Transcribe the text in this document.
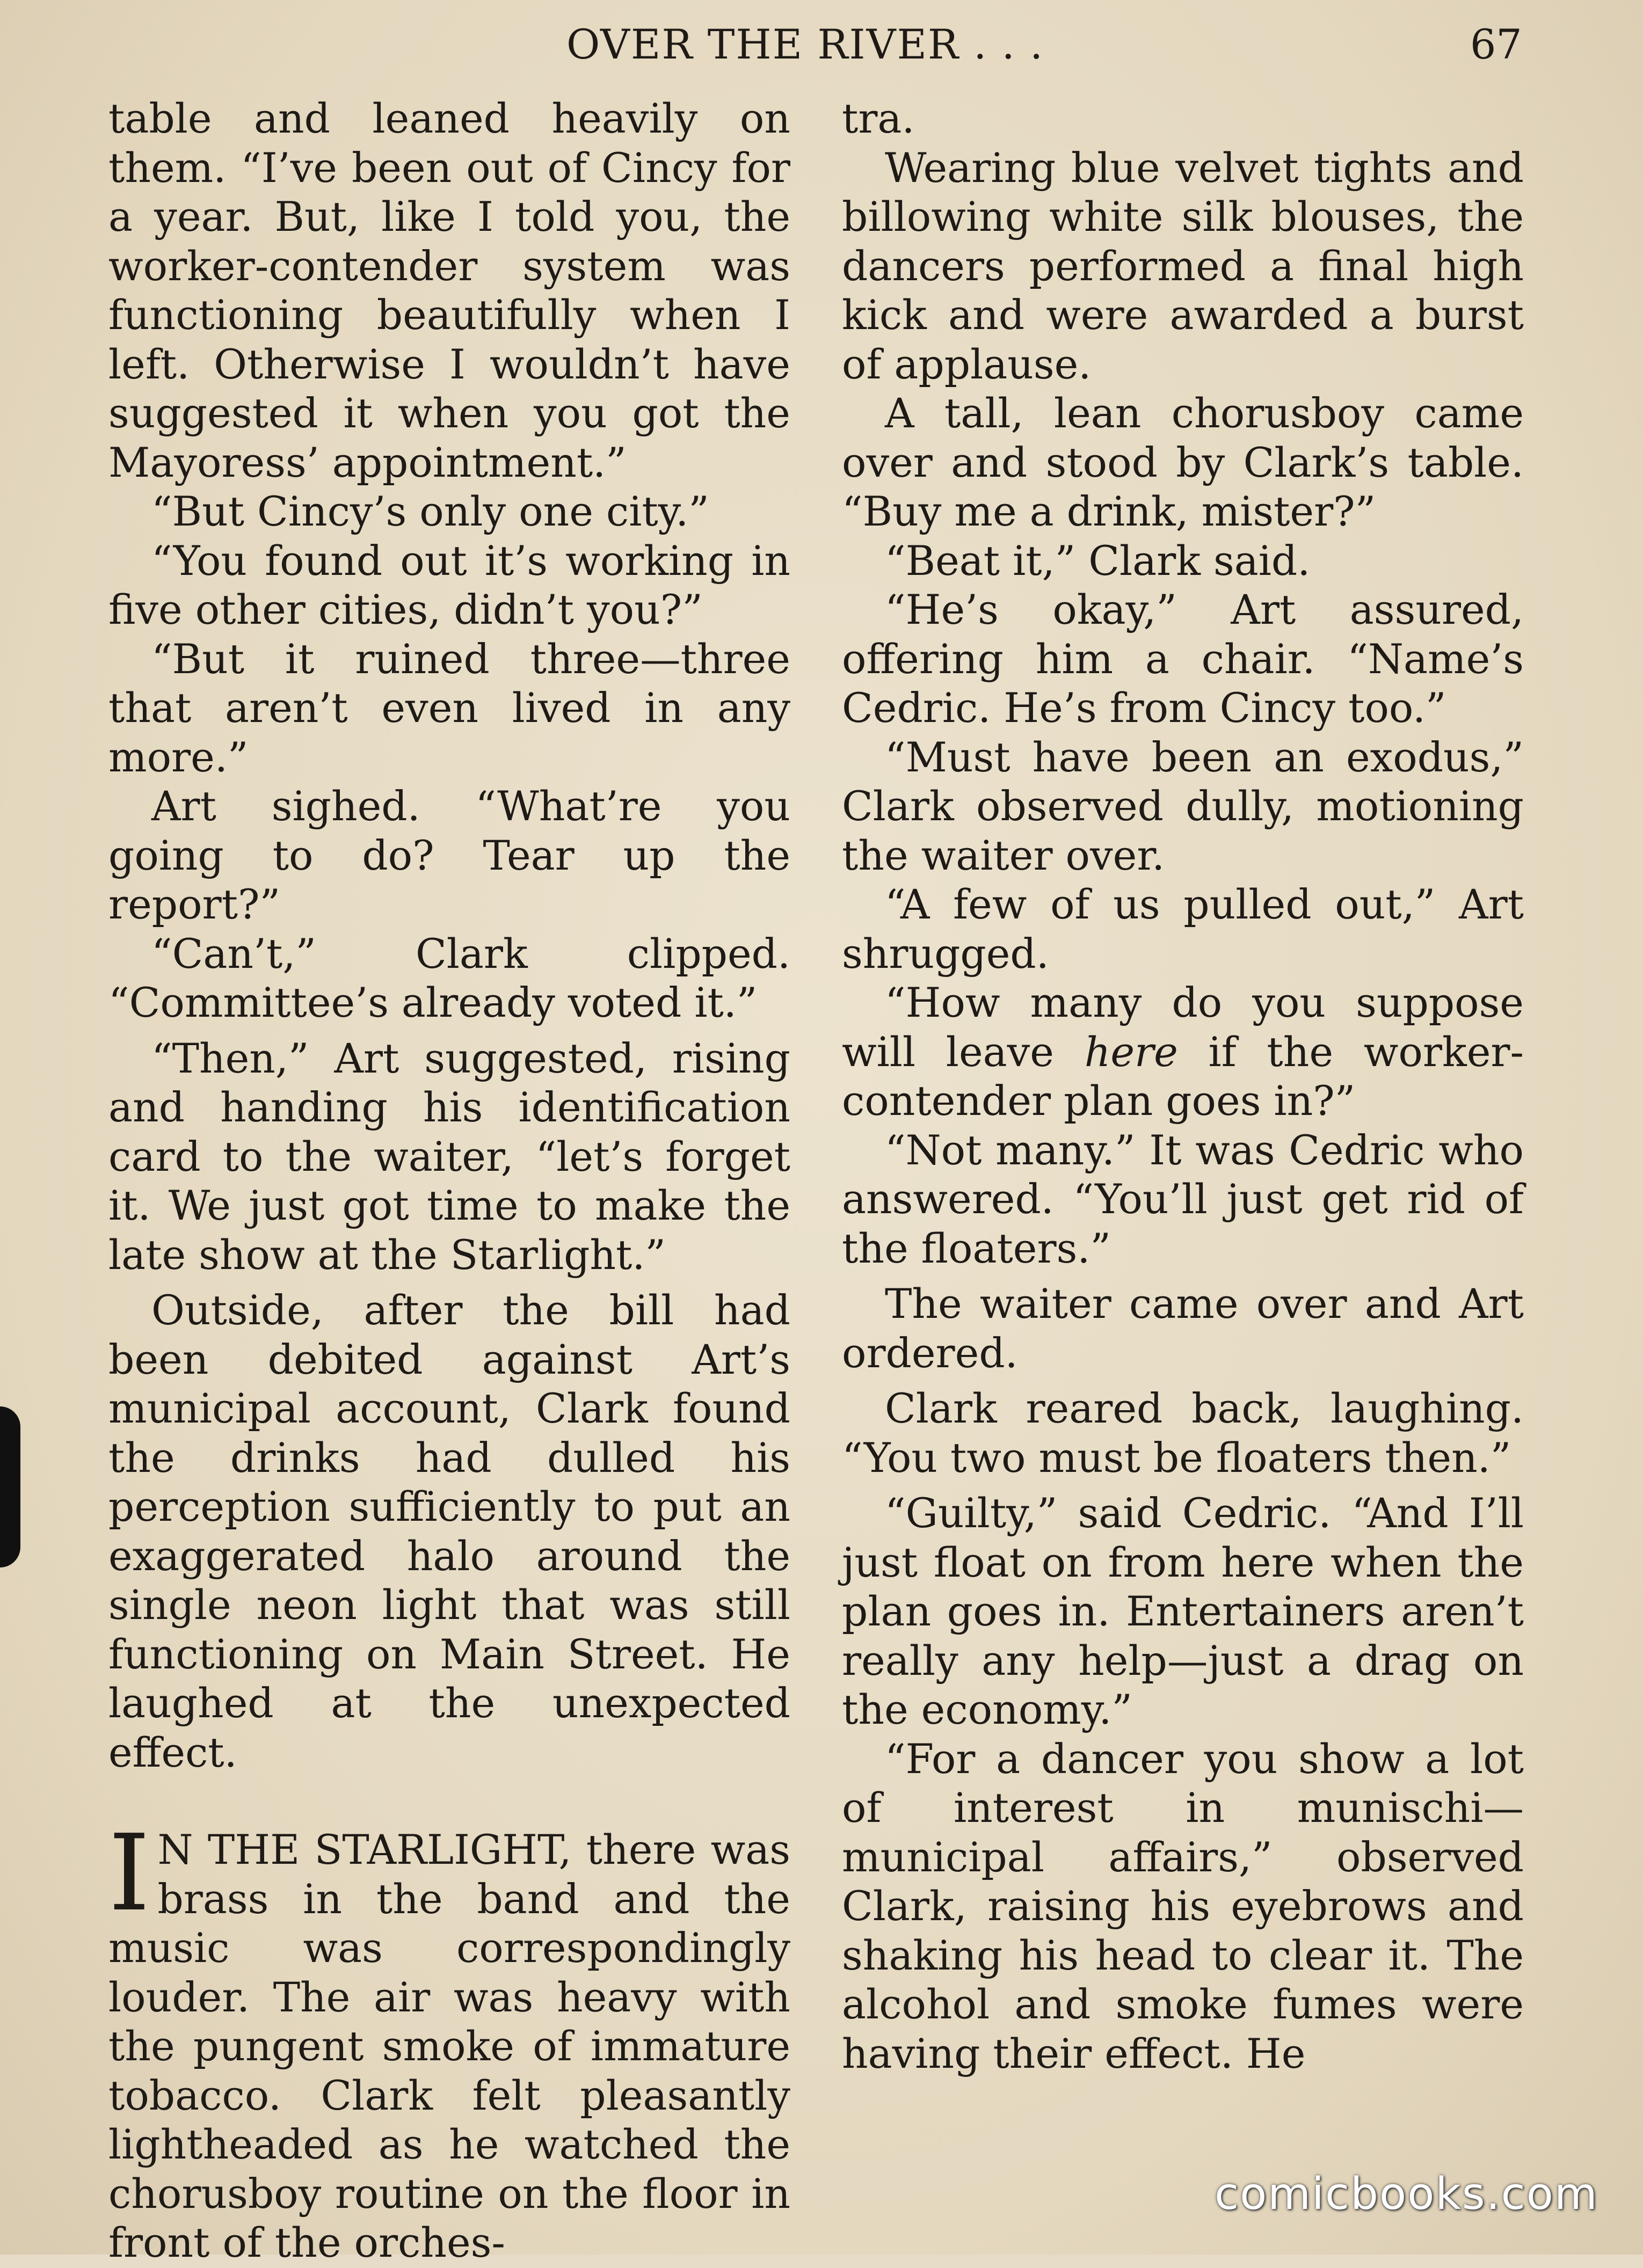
OVER THE RIVER . . .	67

table and leaned heavily on them. “I’ve been out of Cincy for a year. But, like I told you, the worker-contender system was functioning beautifully when I left. Otherwise I wouldn’t have suggested it when you got the Mayoress’ appointment.”

“But Cincy’s only one city.”

“You found out it’s working in five other cities, didn’t you?”

“But it ruined three—three that aren’t even lived in any more.”

Art sighed. “What’re you going to do? Tear up the report?”

“Can’t,” Clark clipped. “Committee’s already voted it.”

“Then,” Art suggested, rising and handing his identification card to the waiter, “let’s forget it. We just got time to make the late show at the Starlight.”

Outside, after the bill had been debited against Art’s municipal account, Clark found the drinks had dulled his perception sufficiently to put an exaggerated halo around the single neon light that was still functioning on Main Street. He laughed at the unexpected effect.

I N THE STARLIGHT, there was brass in the band and the music was correspondingly louder. The air was heavy with the pungent smoke of immature tobacco. Clark felt pleasantly lightheaded as he watched the chorusboy routine on the floor in front of the orches-

tra.

Wearing blue velvet tights and billowing white silk blouses, the dancers performed a final high kick and were awarded a burst of applause.

A tall, lean chorusboy came over and stood by Clark’s table. “Buy me a drink, mister?”

“Beat it,” Clark said.

“He’s okay,” Art assured, offering him a chair. “Name’s Cedric. He’s from Cincy too.”

“Must have been an exodus,” Clark observed dully, motioning the waiter over.

“A few of us pulled out,” Art shrugged.

“How many do you suppose will leave here if the worker-contender plan goes in?”

“Not many.” It was Cedric who answered. “You’ll just get rid of the floaters.”

The waiter came over and Art ordered.

Clark reared back, laughing. “You two must be floaters then.”

“Guilty,” said Cedric. “And I’ll just float on from here when the plan goes in. Entertainers aren’t really any help—just a drag on the economy.”

“For a dancer you show a lot of interest in munischi— municipal affairs,” observed Clark, raising his eyebrows and shaking his head to clear it. The alcohol and smoke fumes were having their effect. He

comicbooks.com
